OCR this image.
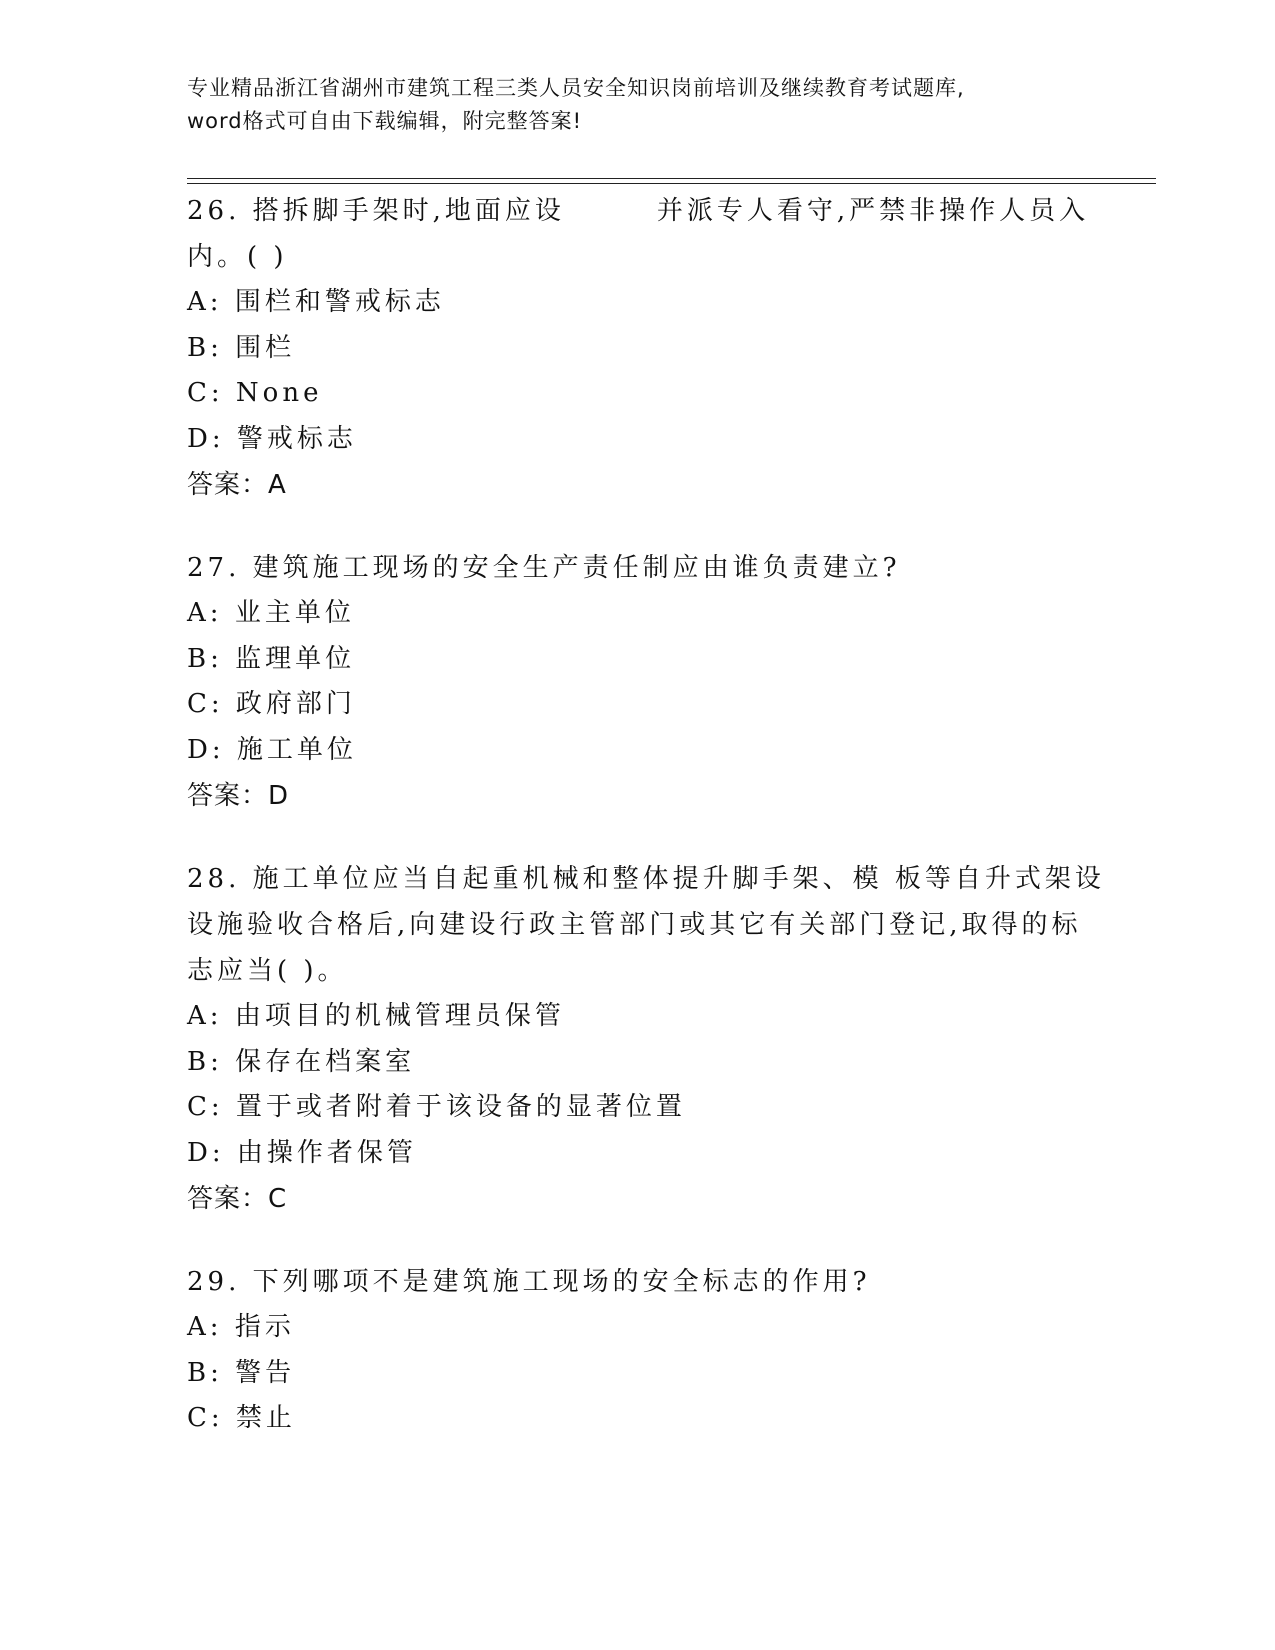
专业精品浙江省湖州市建筑工程三类人员安全知识岗前培训及继续教育考试题库,
word格式可自由下载编辑，附完整答案!
26. 搭拆脚手架时,地面应设	并派专人看守,严禁非操作人员入
内。( )
A: 围栏和警戒标志
B: 围栏
C: None
D: 警戒标志
答案：A
27. 建筑施工现场的安全生产责任制应由谁负责建立?
A: 业主单位
B: 监理单位
C: 政府部门
D: 施工单位
答案：D
28. 施工单位应当自起重机械和整体提升脚手架、模 板等自升式架设
设施验收合格后,向建设行政主管部门或其它有关部门登记,取得的标
志应当( )。
A: 由项目的机械管理员保管
B: 保存在档案室
C: 置于或者附着于该设备的显著位置
D: 由操作者保管
答案：C
29. 下列哪项不是建筑施工现场的安全标志的作用?
A: 指示
B: 警告
C: 禁止
